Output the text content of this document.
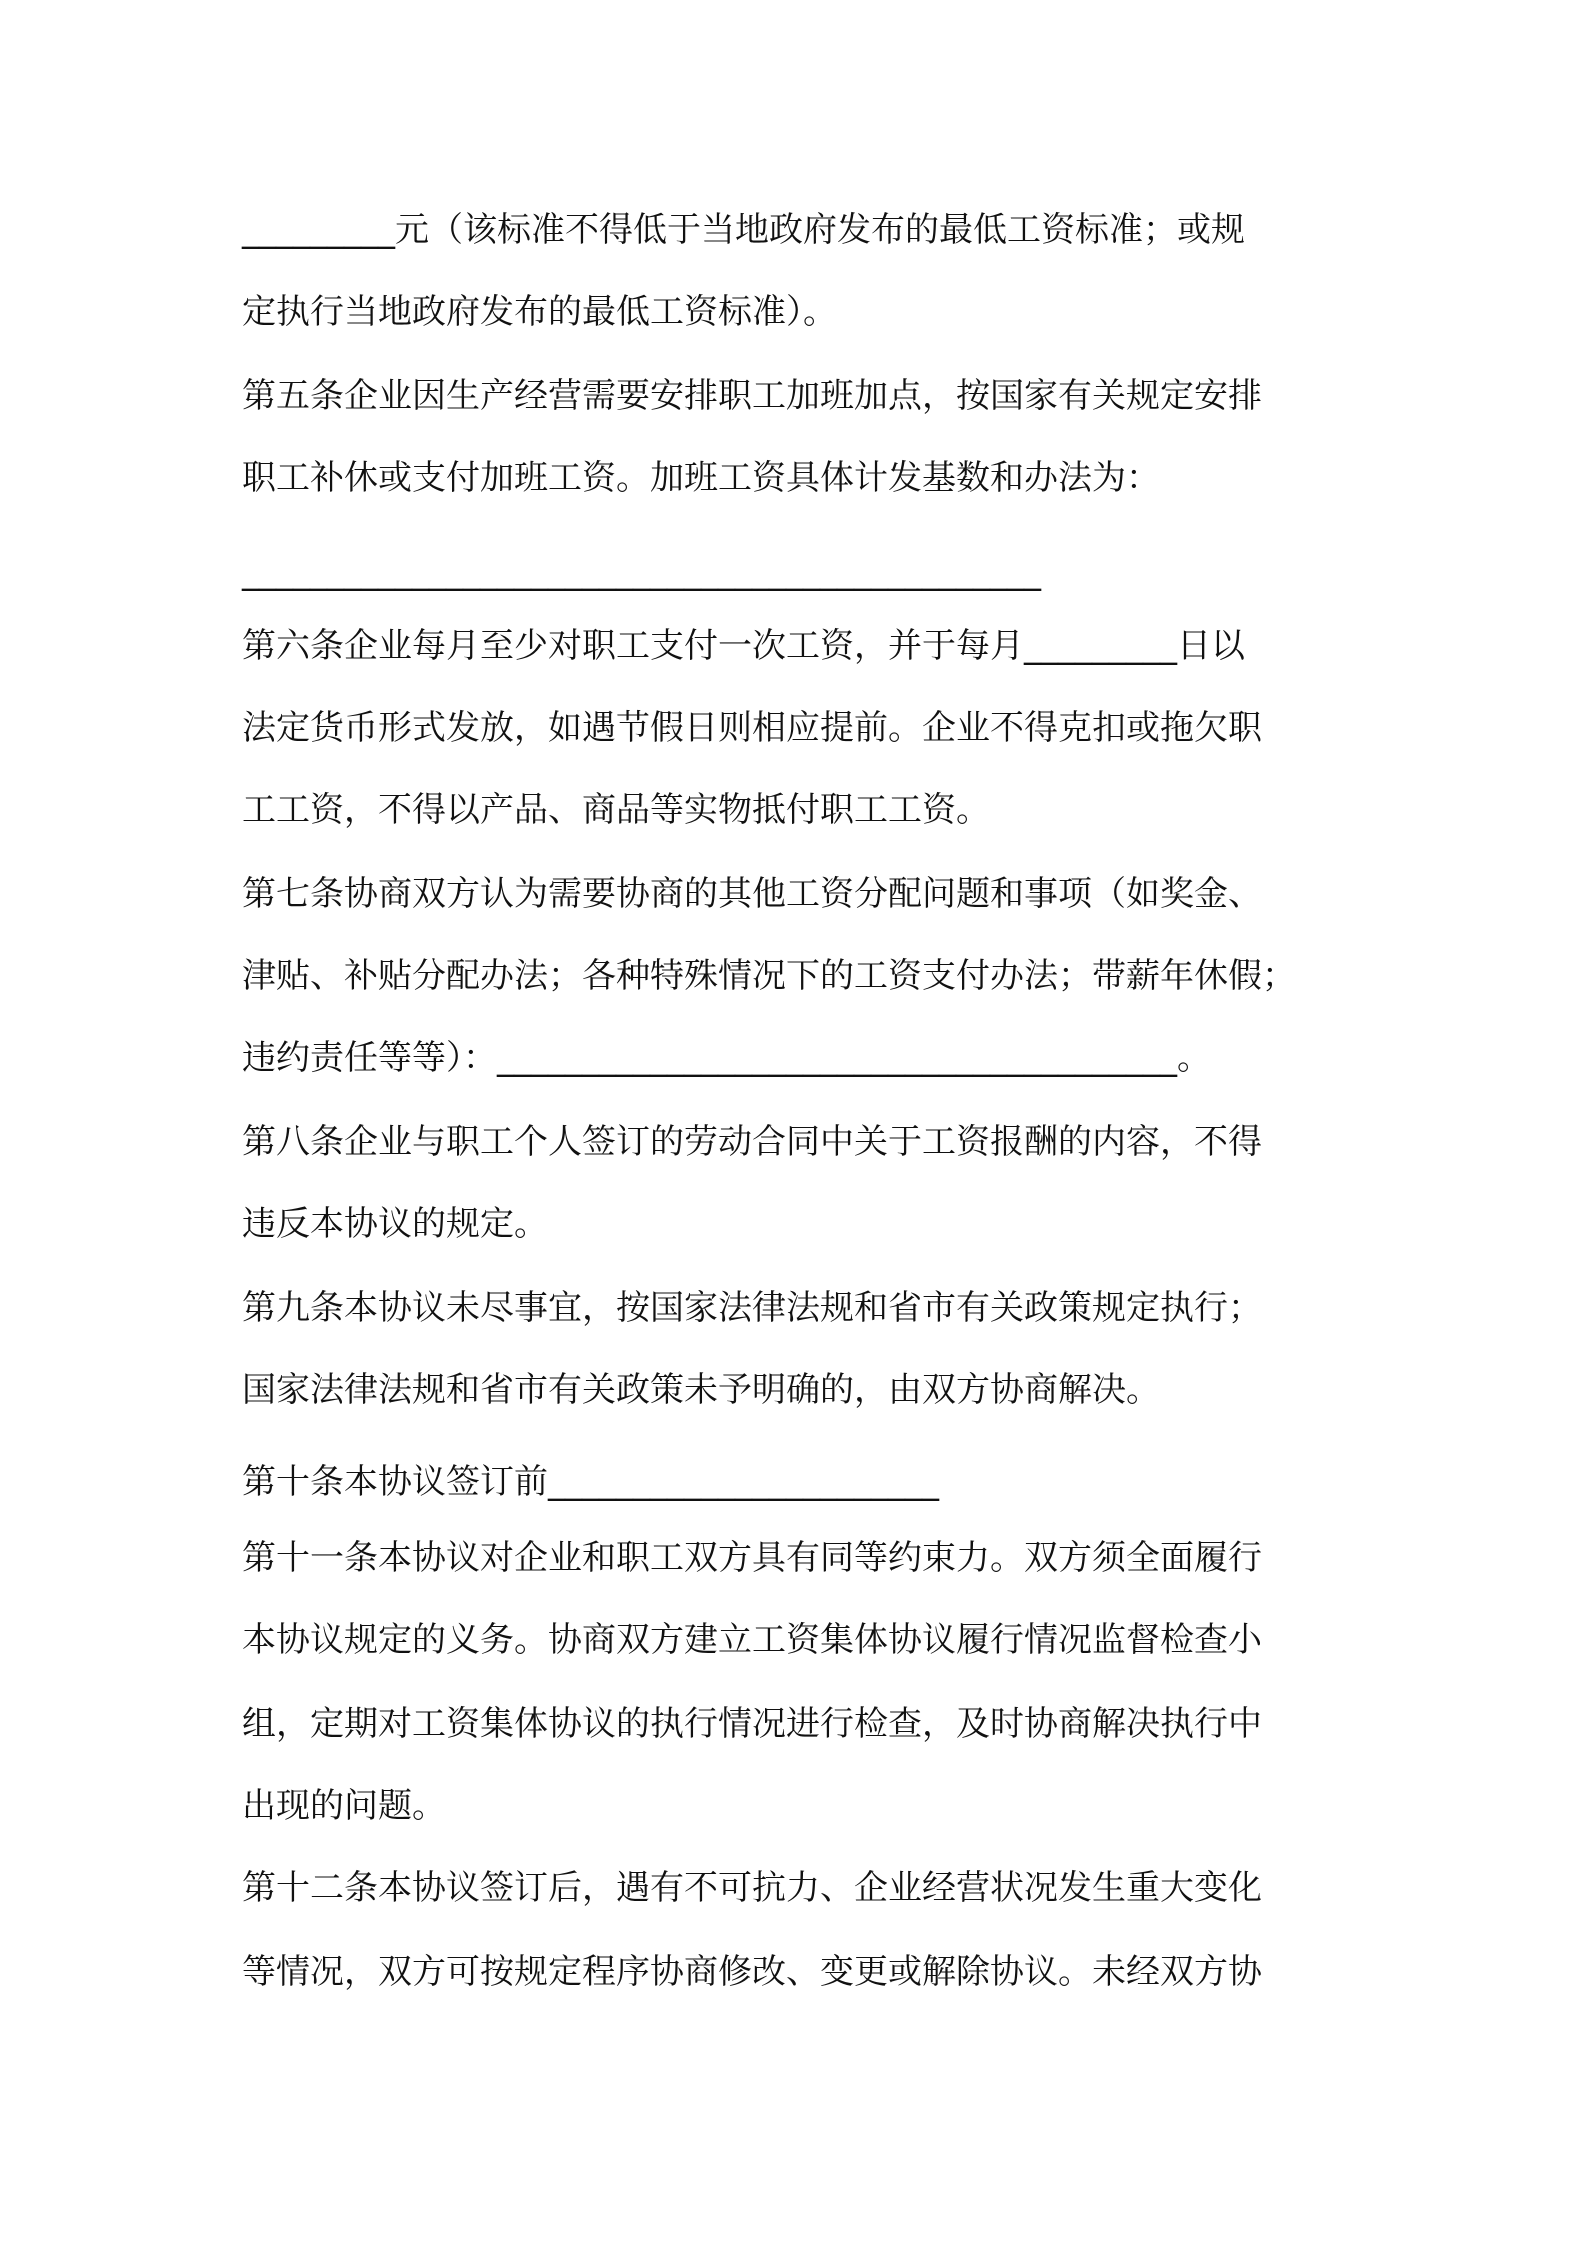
_________元（该标准不得低于当地政府发布的最低工资标准；或规
定执行当地政府发布的最低工资标准）。
第五条企业因生产经营需要安排职工加班加点，按国家有关规定安排
职工补休或支付加班工资。加班工资具体计发基数和办法为：
_______________________________________________
第六条企业每月至少对职工支付一次工资，并于每月_________日以
法定货币形式发放，如遇节假日则相应提前。企业不得克扣或拖欠职
工工资，不得以产品、商品等实物抵付职工工资。
第七条协商双方认为需要协商的其他工资分配问题和事项（如奖金、
津贴、补贴分配办法；各种特殊情况下的工资支付办法；带薪年休假；
违约责任等等）：________________________________________。
第八条企业与职工个人签订的劳动合同中关于工资报酬的内容，不得
违反本协议的规定。
第九条本协议未尽事宜，按国家法律法规和省市有关政策规定执行；
国家法律法规和省市有关政策未予明确的，由双方协商解决。
第十条本协议签订前_______________________
第十一条本协议对企业和职工双方具有同等约束力。双方须全面履行
本协议规定的义务。协商双方建立工资集体协议履行情况监督检查小
组，定期对工资集体协议的执行情况进行检查，及时协商解决执行中
出现的问题。
第十二条本协议签订后，遇有不可抗力、企业经营状况发生重大变化
等情况，双方可按规定程序协商修改、变更或解除协议。未经双方协
